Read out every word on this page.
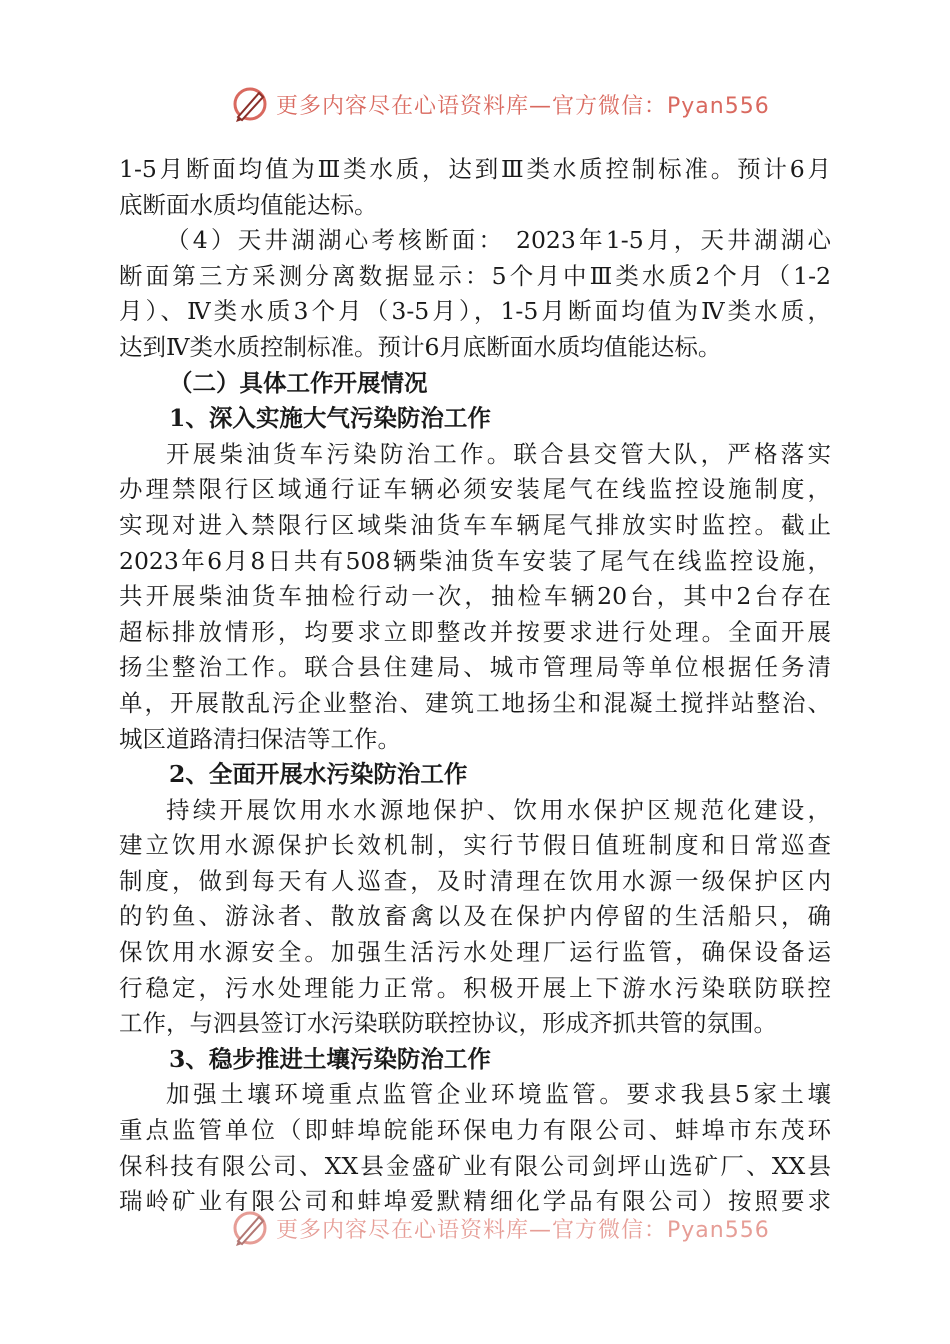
更多内容尽在心语资料库—官方微信：Pyan556

1-5月断面均值为Ⅲ类水质，达到Ⅲ类水质控制标准。预计6月

底断面水质均值能达标。

（4）天井湖湖心考核断面： 2023年1-5月，天井湖湖心

断面第三方采测分离数据显示：5个月中Ⅲ类水质2个月（1-2

月）、Ⅳ类水质3个月（3-5月），1-5月断面均值为Ⅳ类水质，

达到Ⅳ类水质控制标准。预计6月底断面水质均值能达标。

（二）具体工作开展情况

1、深入实施大气污染防治工作

开展柴油货车污染防治工作。联合县交管大队，严格落实

办理禁限行区域通行证车辆必须安装尾气在线监控设施制度，

实现对进入禁限行区域柴油货车车辆尾气排放实时监控。截止

2023年6月8日共有508辆柴油货车安装了尾气在线监控设施，

共开展柴油货车抽检行动一次，抽检车辆20台，其中2台存在

超标排放情形，均要求立即整改并按要求进行处理。全面开展

扬尘整治工作。联合县住建局、城市管理局等单位根据任务清

单，开展散乱污企业整治、建筑工地扬尘和混凝土搅拌站整治、

城区道路清扫保洁等工作。

2、全面开展水污染防治工作

持续开展饮用水水源地保护、饮用水保护区规范化建设，

建立饮用水源保护长效机制，实行节假日值班制度和日常巡查

制度，做到每天有人巡查，及时清理在饮用水源一级保护区内

的钓鱼、游泳者、散放畜禽以及在保护内停留的生活船只，确

保饮用水源安全。加强生活污水处理厂运行监管，确保设备运

行稳定，污水处理能力正常。积极开展上下游水污染联防联控

工作，与泗县签订水污染联防联控协议，形成齐抓共管的氛围。

3、稳步推进土壤污染防治工作

加强土壤环境重点监管企业环境监管。要求我县5家土壤

重点监管单位（即蚌埠皖能环保电力有限公司、蚌埠市东茂环

保科技有限公司、XX县金盛矿业有限公司剑坪山选矿厂、XX县

瑞岭矿业有限公司和蚌埠爱默精细化学品有限公司）按照要求

更多内容尽在心语资料库—官方微信：Pyan556
